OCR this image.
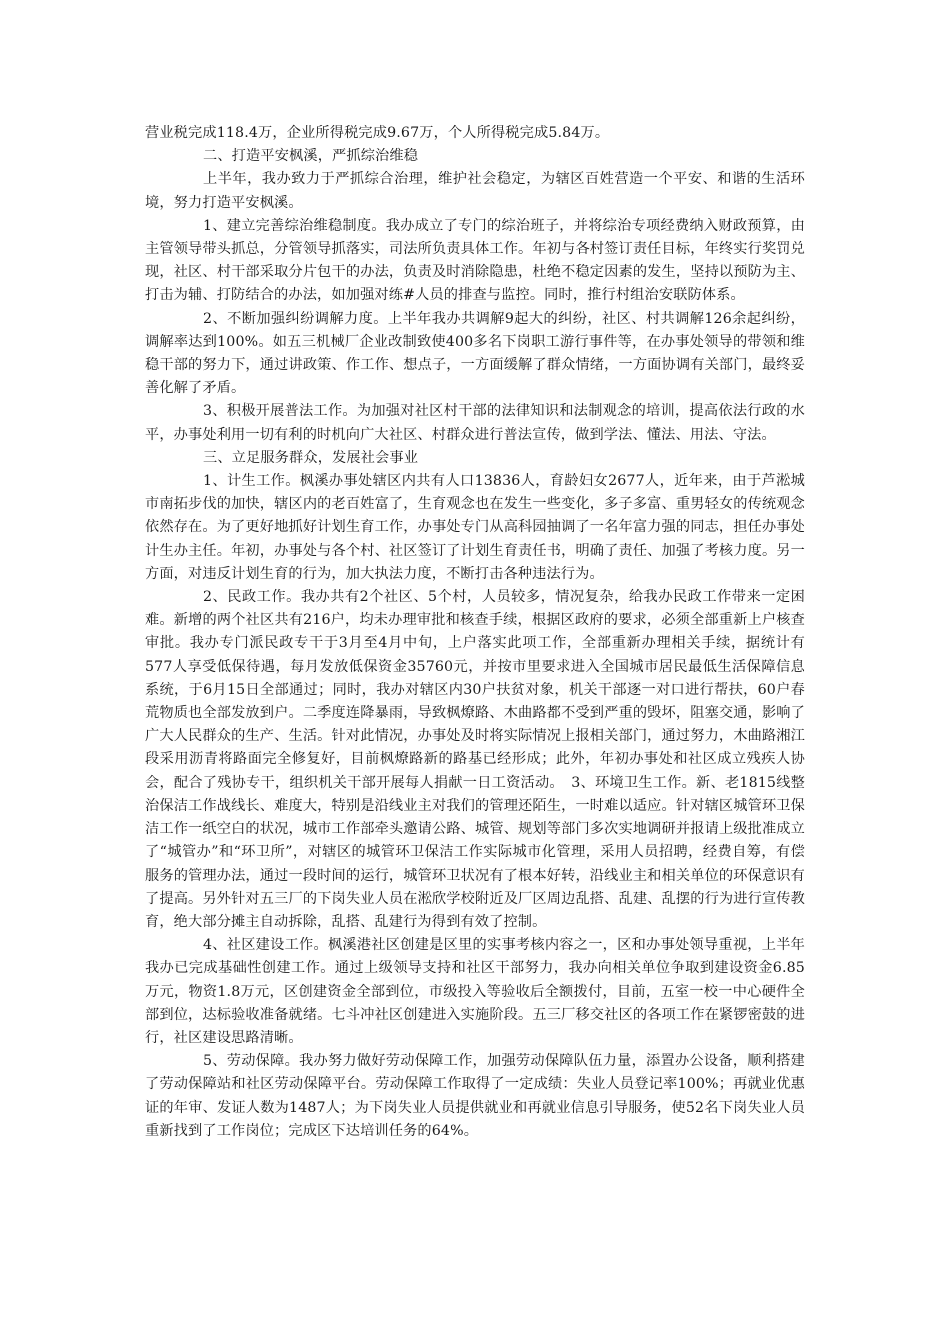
营业税完成118.4万，企业所得税完成9.67万，个人所得税完成5.84万。

二、打造平安枫溪，严抓综治维稳

上半年，我办致力于严抓综合治理，维护社会稳定，为辖区百姓营造一个平安、和谐的生活环境，努力打造平安枫溪。

1、建立完善综治维稳制度。我办成立了专门的综治班子，并将综治专项经费纳入财政预算，由主管领导带头抓总，分管领导抓落实，司法所负责具体工作。年初与各村签订责任目标，年终实行奖罚兑现，社区、村干部采取分片包干的办法，负责及时消除隐患，杜绝不稳定因素的发生，坚持以预防为主、打击为辅、打防结合的办法，如加强对练#人员的排查与监控。同时，推行村组治安联防体系。

2、不断加强纠纷调解力度。上半年我办共调解9起大的纠纷，社区、村共调解126余起纠纷，调解率达到100%。如五三机械厂企业改制致使400多名下岗职工游行事件等，在办事处领导的带领和维稳干部的努力下，通过讲政策、作工作、想点子，一方面缓解了群众情绪，一方面协调有关部门，最终妥善化解了矛盾。

3、积极开展普法工作。为加强对社区村干部的法律知识和法制观念的培训，提高依法行政的水平，办事处利用一切有利的时机向广大社区、村群众进行普法宣传，做到学法、懂法、用法、守法。

三、立足服务群众，发展社会事业

1、计生工作。枫溪办事处辖区内共有人口13836人，育龄妇女2677人，近年来，由于芦淞城市南拓步伐的加快，辖区内的老百姓富了，生育观念也在发生一些变化，多子多富、重男轻女的传统观念依然存在。为了更好地抓好计划生育工作，办事处专门从高科园抽调了一名年富力强的同志，担任办事处计生办主任。年初，办事处与各个村、社区签订了计划生育责任书，明确了责任、加强了考核力度。另一方面，对违反计划生育的行为，加大执法力度，不断打击各种违法行为。

2、民政工作。我办共有2个社区、5个村，人员较多，情况复杂，给我办民政工作带来一定困难。新增的两个社区共有216户，均未办理审批和核查手续，根据区政府的要求，必须全部重新上户核查审批。我办专门派民政专干于3月至4月中旬，上户落实此项工作，全部重新办理相关手续，据统计有577人享受低保待遇，每月发放低保资金35760元，并按市里要求进入全国城市居民最低生活保障信息系统，于6月15日全部通过；同时，我办对辖区内30户扶贫对象，机关干部逐一对口进行帮扶，60户春荒物质也全部发放到户。二季度连降暴雨，导致枫燎路、木曲路都不受到严重的毁坏，阻塞交通，影响了广大人民群众的生产、生活。针对此情况，办事处及时将实际情况上报相关部门，通过努力，木曲路湘江段采用沥青将路面完全修复好，目前枫燎路新的路基已经形成；此外，年初办事处和社区成立残疾人协会，配合了残协专干，组织机关干部开展每人捐献一日工资活动。　3、环境卫生工作。新、老1815线整治保洁工作战线长、难度大，特别是沿线业主对我们的管理还陌生，一时难以适应。针对辖区城管环卫保洁工作一纸空白的状况，城市工作部牵头邀请公路、城管、规划等部门多次实地调研并报请上级批准成立了“城管办”和“环卫所”，对辖区的城管环卫保洁工作实际城市化管理，采用人员招聘，经费自筹，有偿服务的管理办法，通过一段时间的运行，城管环卫状况有了根本好转，沿线业主和相关单位的环保意识有了提高。另外针对五三厂的下岗失业人员在淞欣学校附近及厂区周边乱搭、乱建、乱摆的行为进行宣传教育，绝大部分摊主自动拆除，乱搭、乱建行为得到有效了控制。

4、社区建设工作。枫溪港社区创建是区里的实事考核内容之一，区和办事处领导重视，上半年我办已完成基础性创建工作。通过上级领导支持和社区干部努力，我办向相关单位争取到建设资金6.85万元，物资1.8万元，区创建资金全部到位，市级投入等验收后全额拨付，目前，五室一校一中心硬件全部到位，达标验收准备就绪。七斗冲社区创建进入实施阶段。五三厂移交社区的各项工作在紧锣密鼓的进行，社区建设思路清晰。

5、劳动保障。我办努力做好劳动保障工作，加强劳动保障队伍力量，添置办公设备，顺利搭建了劳动保障站和社区劳动保障平台。劳动保障工作取得了一定成绩：失业人员登记率100%；再就业优惠证的年审、发证人数为1487人；为下岗失业人员提供就业和再就业信息引导服务，使52名下岗失业人员重新找到了工作岗位；完成区下达培训任务的64%。
